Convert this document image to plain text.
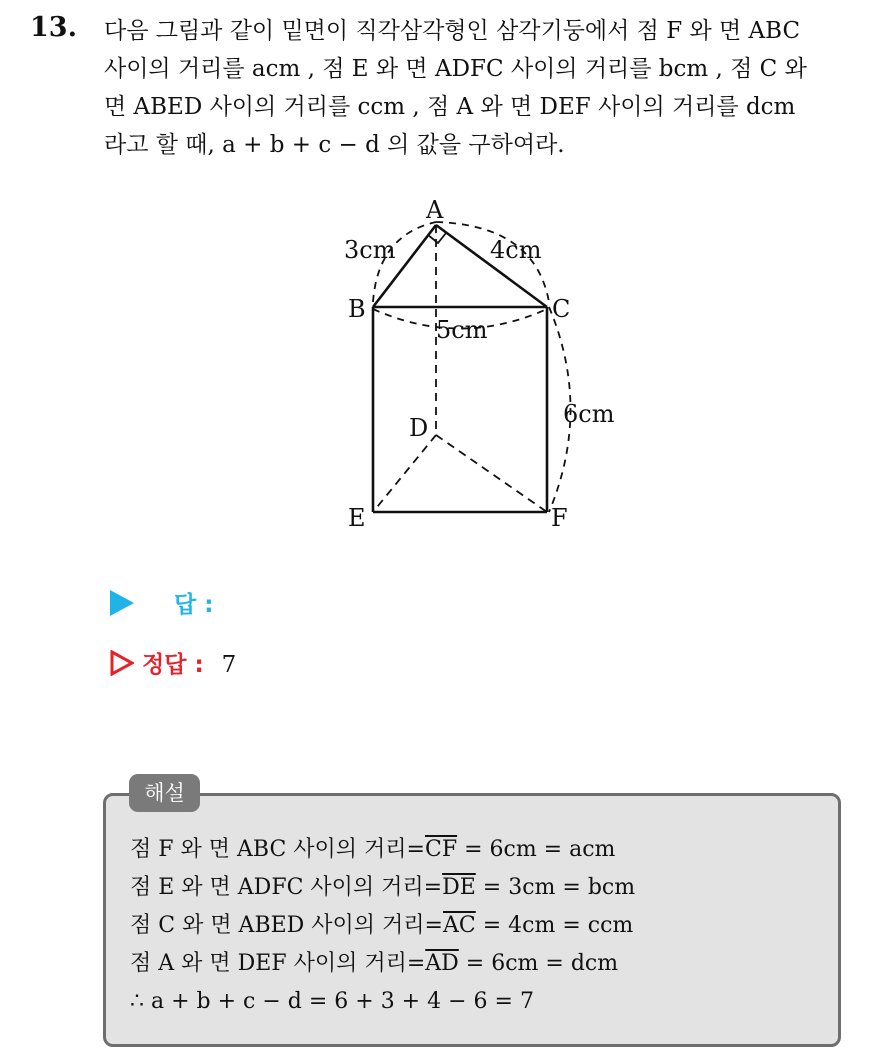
13. 다음 그림과 같이 밑면이 직각삼각형인 삼각기둥에서 점 F 와 면 ABC
사이의 거리를 acm , 점 E 와 면 ADFC 사이의 거리를 bcm , 점 C 와
면 ABED 사이의 거리를 ccm , 점 A 와 면 DEF 사이의 거리를 dcm
라고 할 때, a + b + c − d 의 값을 구하여라.
A
B	C
D
E	F
3cm	4cm
5cm
6cm
답 :
정답 : 7
해설
점 F 와 면 ABC 사이의 거리$=\overline{CF} = 6cm$ = acm
점 E 와 면 ADFC 사이의 거리$=\overline{DE} = 3cm$ = bcm
점 C 와 면 ABED 사이의 거리$=\overline{AC} = 4cm$ = ccm
점 A 와 면 DEF 사이의 거리$=\overline{AD} = 6cm$ = dcm
∴ a + b + c − d = 6 + 3 + 4 − 6 = 7
